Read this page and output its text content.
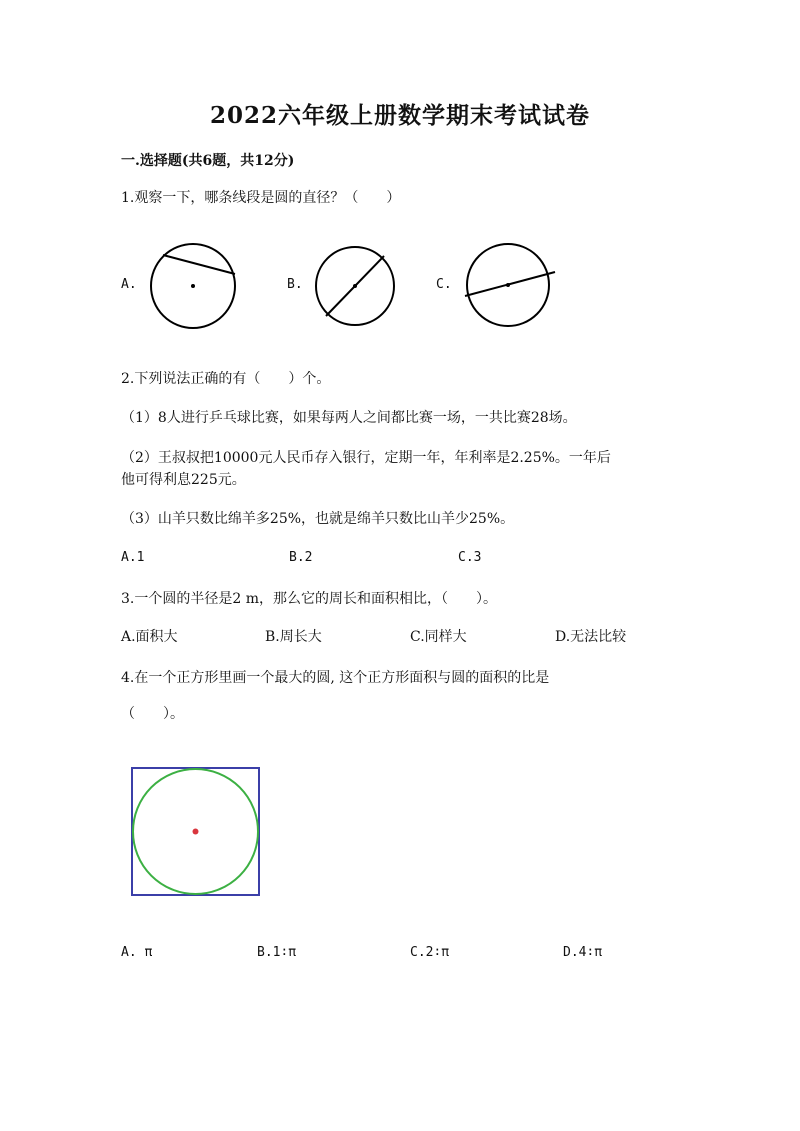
2022六年级上册数学期末考试试卷
一.选择题(共6题，共12分)
1.观察一下，哪条线段是圆的直径？（　　）
A.	B.	C.
2.下列说法正确的有（　　）个。
（1）8人进行乒乓球比赛，如果每两人之间都比赛一场，一共比赛28场。
（2）王叔叔把10000元人民币存入银行，定期一年，年利率是2.25%。一年后
他可得利息225元。
（3）山羊只数比绵羊多25%，也就是绵羊只数比山羊少25%。
A.1	B.2	C.3
3.一个圆的半径是2 m，那么它的周长和面积相比，（　　）。
A.面积大	B.周长大	C.同样大	D.无法比较
4.在一个正方形里画一个最大的圆, 这个正方形面积与圆的面积的比是
（　　）。
A. π	B.1∶π	C.2∶π	D.4∶π
